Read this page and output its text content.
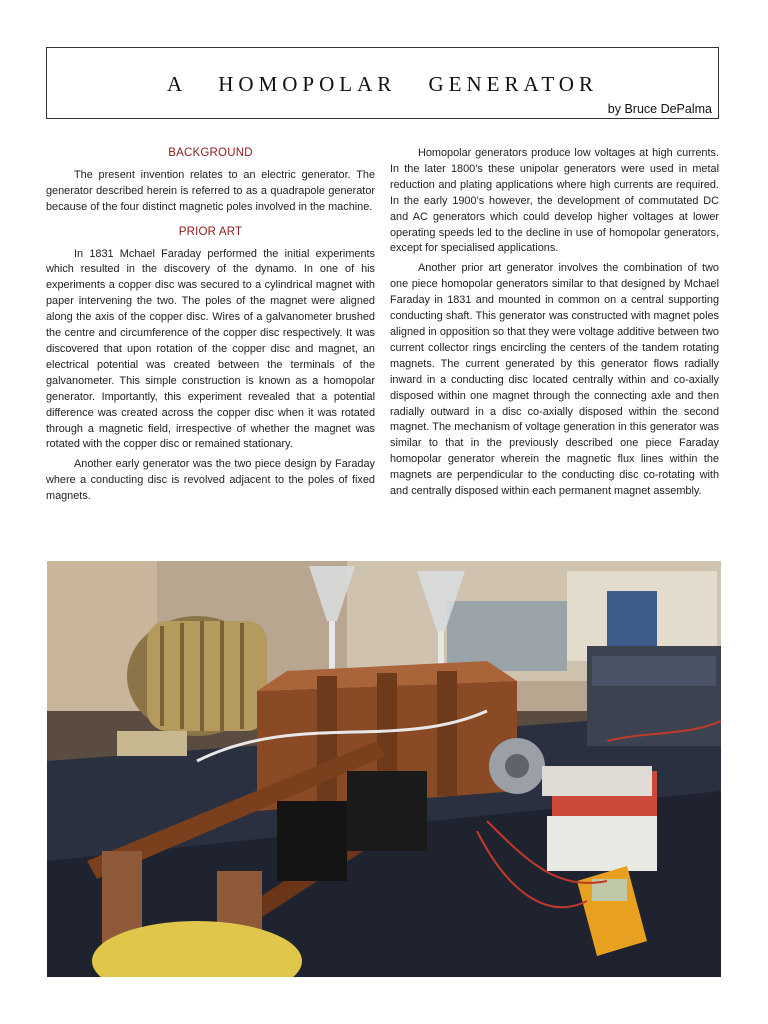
A HOMOPOLAR GENERATOR
by Bruce DePalma
BACKGROUND

The present invention relates to an electric generator. The generator described herein is referred to as a quadrapole generator because of the four distinct magnetic poles involved in the machine.

PRIOR ART

In 1831 Mchael Faraday performed the initial experiments which resulted in the discovery of the dynamo. In one of his experiments a copper disc was secured to a cylindrical magnet with paper intervening the two. The poles of the magnet were aligned along the axis of the copper disc. Wires of a galvanometer brushed the centre and circumference of the copper disc respectively. It was discovered that upon rotation of the copper disc and magnet, an electrical potential was created between the terminals of the galvanometer. This simple construction is known as a homopolar generator. Importantly, this experiment revealed that a potential difference was created across the copper disc when it was rotated through a magnetic field, irrespective of whether the magnet was rotated with the copper disc or remained stationary.

Another early generator was the two piece design by Faraday where a conducting disc is revolved adjacent to the poles of fixed magnets.

Homopolar generators produce low voltages at high currents. In the later 1800’s these unipolar generators were used in metal reduction and plating applications where high currents are required. In the early 1900’s however, the development of commutated DC and AC generators which could develop higher voltages at lower operating speeds led to the decline in use of homopolar generators, except for specialised applications.

Another prior art generator involves the combination of two one piece homopolar generators similar to that designed by Mchael Faraday in 1831 and mounted in common on a central supporting conducting shaft. This generator was constructed with magnet poles aligned in opposition so that they were voltage additive between two current collector rings encircling the centers of the tandem rotating magnets. The current generated by this generator flows radially inward in a conducting disc located centrally within and co-axially disposed within one magnet through the connecting axle and then radially outward in a disc co-axially disposed within the second magnet. The mechanism of voltage generation in this generator was similar to that in the previously described one piece Faraday homopolar generator wherein the magnetic flux lines within the magnets are perpendicular to the conducting disc co-rotating with and centrally disposed within each permanent magnet assembly.
